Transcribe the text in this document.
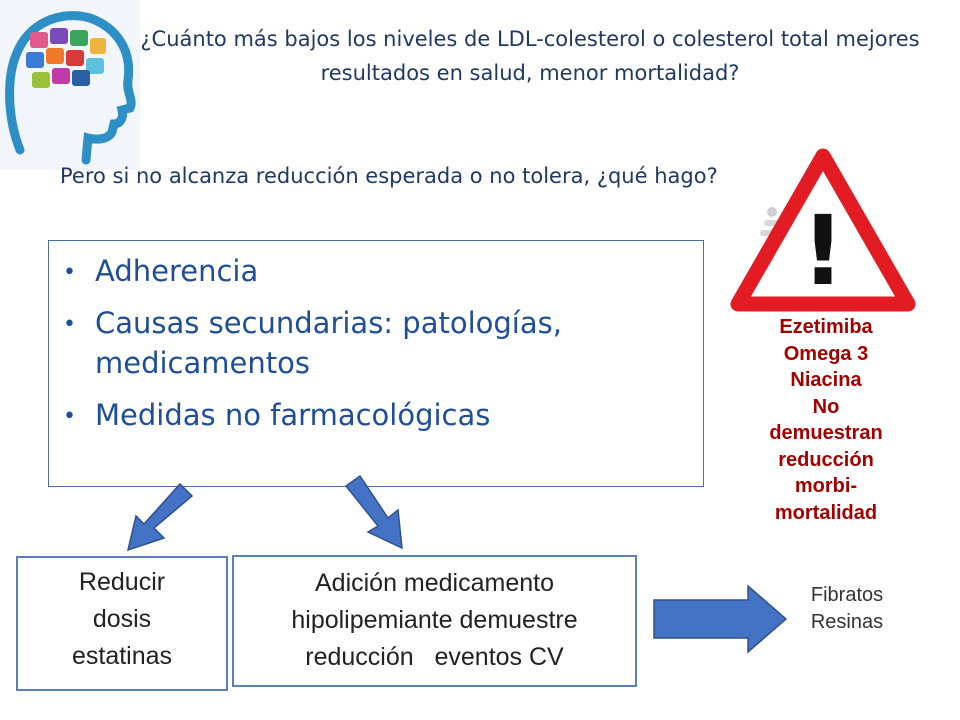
¿Cuánto más bajos los niveles de LDL-colesterol o colesterol total mejores resultados en salud, menor mortalidad?
Pero si no alcanza reducción esperada o no tolera, ¿qué hago?
• Adherencia
• Causas secundarias: patologías, medicamentos
• Medidas no farmacológicas
Reducir
dosis
estatinas
Adición medicamento
hipolipemiante demuestre
reducción   eventos CV
!
Ezetimiba
Omega 3
Niacina
No
demuestran
reducción
morbi-
mortalidad
Fibratos
Resinas
